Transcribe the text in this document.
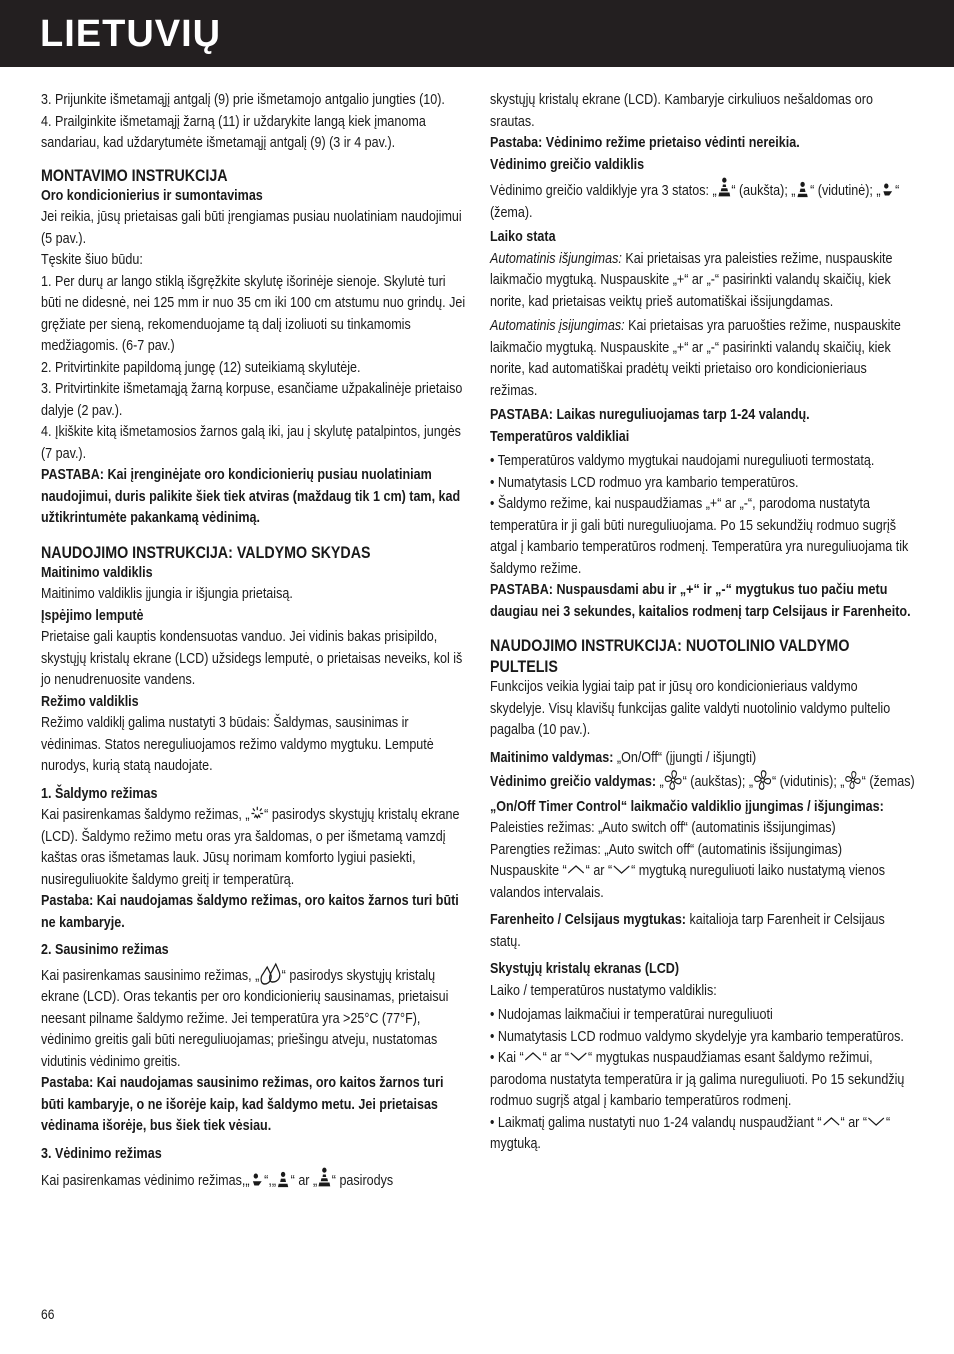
LIETUVIŲ

3. Prijunkite išmetamąjį antgalį (9) prie išmetamojo antgalio jungties (10).

4. Prailginkite išmetamąjį žarną (11) ir uždarykite langą kiek įmanoma sandariau, kad uždarytumėte išmetamąjį antgalį (9) (3 ir 4 pav.).

MONTAVIMO INSTRUKCIJA

Oro kondicionierius ir sumontavimas

Jei reikia, jūsų prietaisas gali būti įrengiamas pusiau nuolatiniam naudojimui (5 pav.).

Tęskite šiuo būdu:

1. Per durų ar lango stiklą išgręžkite skylutę išorinėje sienoje. Skylutė turi būti ne didesnė, nei 125 mm ir nuo 35 cm iki 100 cm atstumu nuo grindų. Jei gręžiate per sieną, rekomenduojame tą dalį izoliuoti su tinkamomis medžiagomis. (6-7 pav.)

2. Pritvirtinkite papildomą jungę (12) suteikiamą skylutėje.

3. Pritvirtinkite išmetamąją žarną korpuse, esančiame užpakalinėje prietaiso dalyje (2 pav.).

4. Įkiškite kitą išmetamosios žarnos galą iki, jau į skylutę patalpintos, jungės (7 pav.).

PASTABA: Kai įrenginėjate oro kondicionierių pusiau nuolatiniam naudojimui, duris palikite šiek tiek atviras (maždaug tik 1 cm) tam, kad užtikrintumėte pakankamą vėdinimą.

NAUDOJIMO INSTRUKCIJA: VALDYMO SKYDAS

Maitinimo valdiklis

Maitinimo valdiklis įjungia ir išjungia prietaisą.

Įspėjimo lemputė

Prietaise gali kauptis kondensuotas vanduo. Jei vidinis bakas prisipildo, skystųjų kristalų ekrane (LCD) užsidegs lemputė, o prietaisas neveiks, kol iš jo nenudrenuosite vandens.

Režimo valdiklis

Režimo valdiklį galima nustatyti 3 būdais: Šaldymas, sausinimas ir vėdinimas. Statos nereguliuojamos režimo valdymo mygtuku. Lemputė nurodys, kurią statą naudojate.

1. Šaldymo režimas

Kai pasirenkamas šaldymo režimas, „ “ pasirodys skystųjų kristalų ekrane (LCD). Šaldymo režimo metu oras yra šaldomas, o per išmetamą vamzdį kaštas oras išmetamas lauk. Jūsų norimam komforto lygiui pasiekti, nusireguliuokite šaldymo greitį ir temperatūrą.

Pastaba: Kai naudojamas šaldymo režimas, oro kaitos žarnos turi būti ne kambaryje.

2. Sausinimo režimas

Kai pasirenkamas sausinimo režimas, „ “ pasirodys skystųjų kristalų ekrane (LCD). Oras tekantis per oro kondicionierių sausinamas, prietaisui neesant pilname šaldymo režime. Jei temperatūra yra >25°C (77°F), vėdinimo greitis gali būti nereguliuojamas; priešingu atveju, nustatomas vidutinis vėdinimo greitis.

Pastaba: Kai naudojamas sausinimo režimas, oro kaitos žarnos turi būti kambaryje, o ne išorėje kaip, kad šaldymo metu. Jei prietaisas vėdinama išorėje, bus šiek tiek vėsiau.

3. Vėdinimo režimas

Kai pasirenkamas vėdinimo režimas,„ “,„ “ ar „ “ pasirodys

skystųjų kristalų ekrane (LCD). Kambaryje cirkuliuos nešaldomas oro srautas.

Pastaba: Vėdinimo režime prietaiso vėdinti nereikia.

Vėdinimo greičio valdiklis

Vėdinimo greičio valdiklyje yra 3 statos: „ “ (aukšta); „ “ (vidutinė); „ “ (žema).

Laiko stata

Automatinis išjungimas: Kai prietaisas yra paleisties režime, nuspauskite laikmačio mygtuką. Nuspauskite „+“ ar „-“ pasirinkti valandų skaičių, kiek norite, kad prietaisas veiktų prieš automatiškai išsijungdamas.

Automatinis įsijungimas: Kai prietaisas yra paruošties režime, nuspauskite laikmačio mygtuką. Nuspauskite „+“ ar „-“ pasirinkti valandų skaičių, kiek norite, kad automatiškai pradėtų veikti prietaiso oro kondicionieriaus režimas.

PASTABA: Laikas nureguliuojamas tarp 1-24 valandų.

Temperatūros valdikliai

• Temperatūros valdymo mygtukai naudojami nureguliuoti termostatą.

• Numatytasis LCD rodmuo yra kambario temperatūros.

• Šaldymo režime, kai nuspaudžiamas „+“ ar „-“, parodoma nustatyta temperatūra ir ji gali būti nureguliuojama. Po 15 sekundžių rodmuo sugrįš atgal į kambario temperatūros rodmenį. Temperatūra yra nureguliuojama tik šaldymo režime.

PASTABA: Nuspausdami abu ir „+“ ir „-“ mygtukus tuo pačiu metu daugiau nei 3 sekundes, kaitalios rodmenį tarp Celsijaus ir Farenheito.

NAUDOJIMO INSTRUKCIJA: NUOTOLINIO VALDYMO PULTELIS

Funkcijos veikia lygiai taip pat ir jūsų oro kondicionieriaus valdymo skydelyje. Visų klavišų funkcijas galite valdyti nuotolinio valdymo pultelio pagalba (10 pav.).

Maitinimo valdymas: „On/Off“ (įjungti / išjungti)

Vėdinimo greičio valdymas: „ “ (aukštas); „ “ (vidutinis); „ “ (žemas)

„On/Off Timer Control“ laikmačio valdiklio įjungimas / išjungimas:

Paleisties režimas: „Auto switch off“ (automatinis išsijungimas)

Parengties režimas: „Auto switch off“ (automatinis išsijungimas)

Nuspauskite “ “ ar “ “ mygtuką nureguliuoti laiko nustatymą vienos valandos intervalais.

Farenheito / Celsijaus mygtukas: kaitalioja tarp Farenheit ir Celsijaus statų.

Skystųjų kristalų ekranas (LCD)

Laiko / temperatūros nustatymo valdiklis:

• Nudojamas laikmačiui ir temperatūrai nureguliuoti

• Numatytasis LCD rodmuo valdymo skydelyje yra kambario temperatūros.

• Kai “ “ ar “ “ mygtukas nuspaudžiamas esant šaldymo režimui, parodoma nustatyta temperatūra ir ją galima nureguliuoti. Po 15 sekundžių rodmuo sugrįš atgal į kambario temperatūros rodmenį.

• Laikmatį galima nustatyti nuo 1-24 valandų nuspaudžiant “ “ ar “ “ mygtuką.

66
